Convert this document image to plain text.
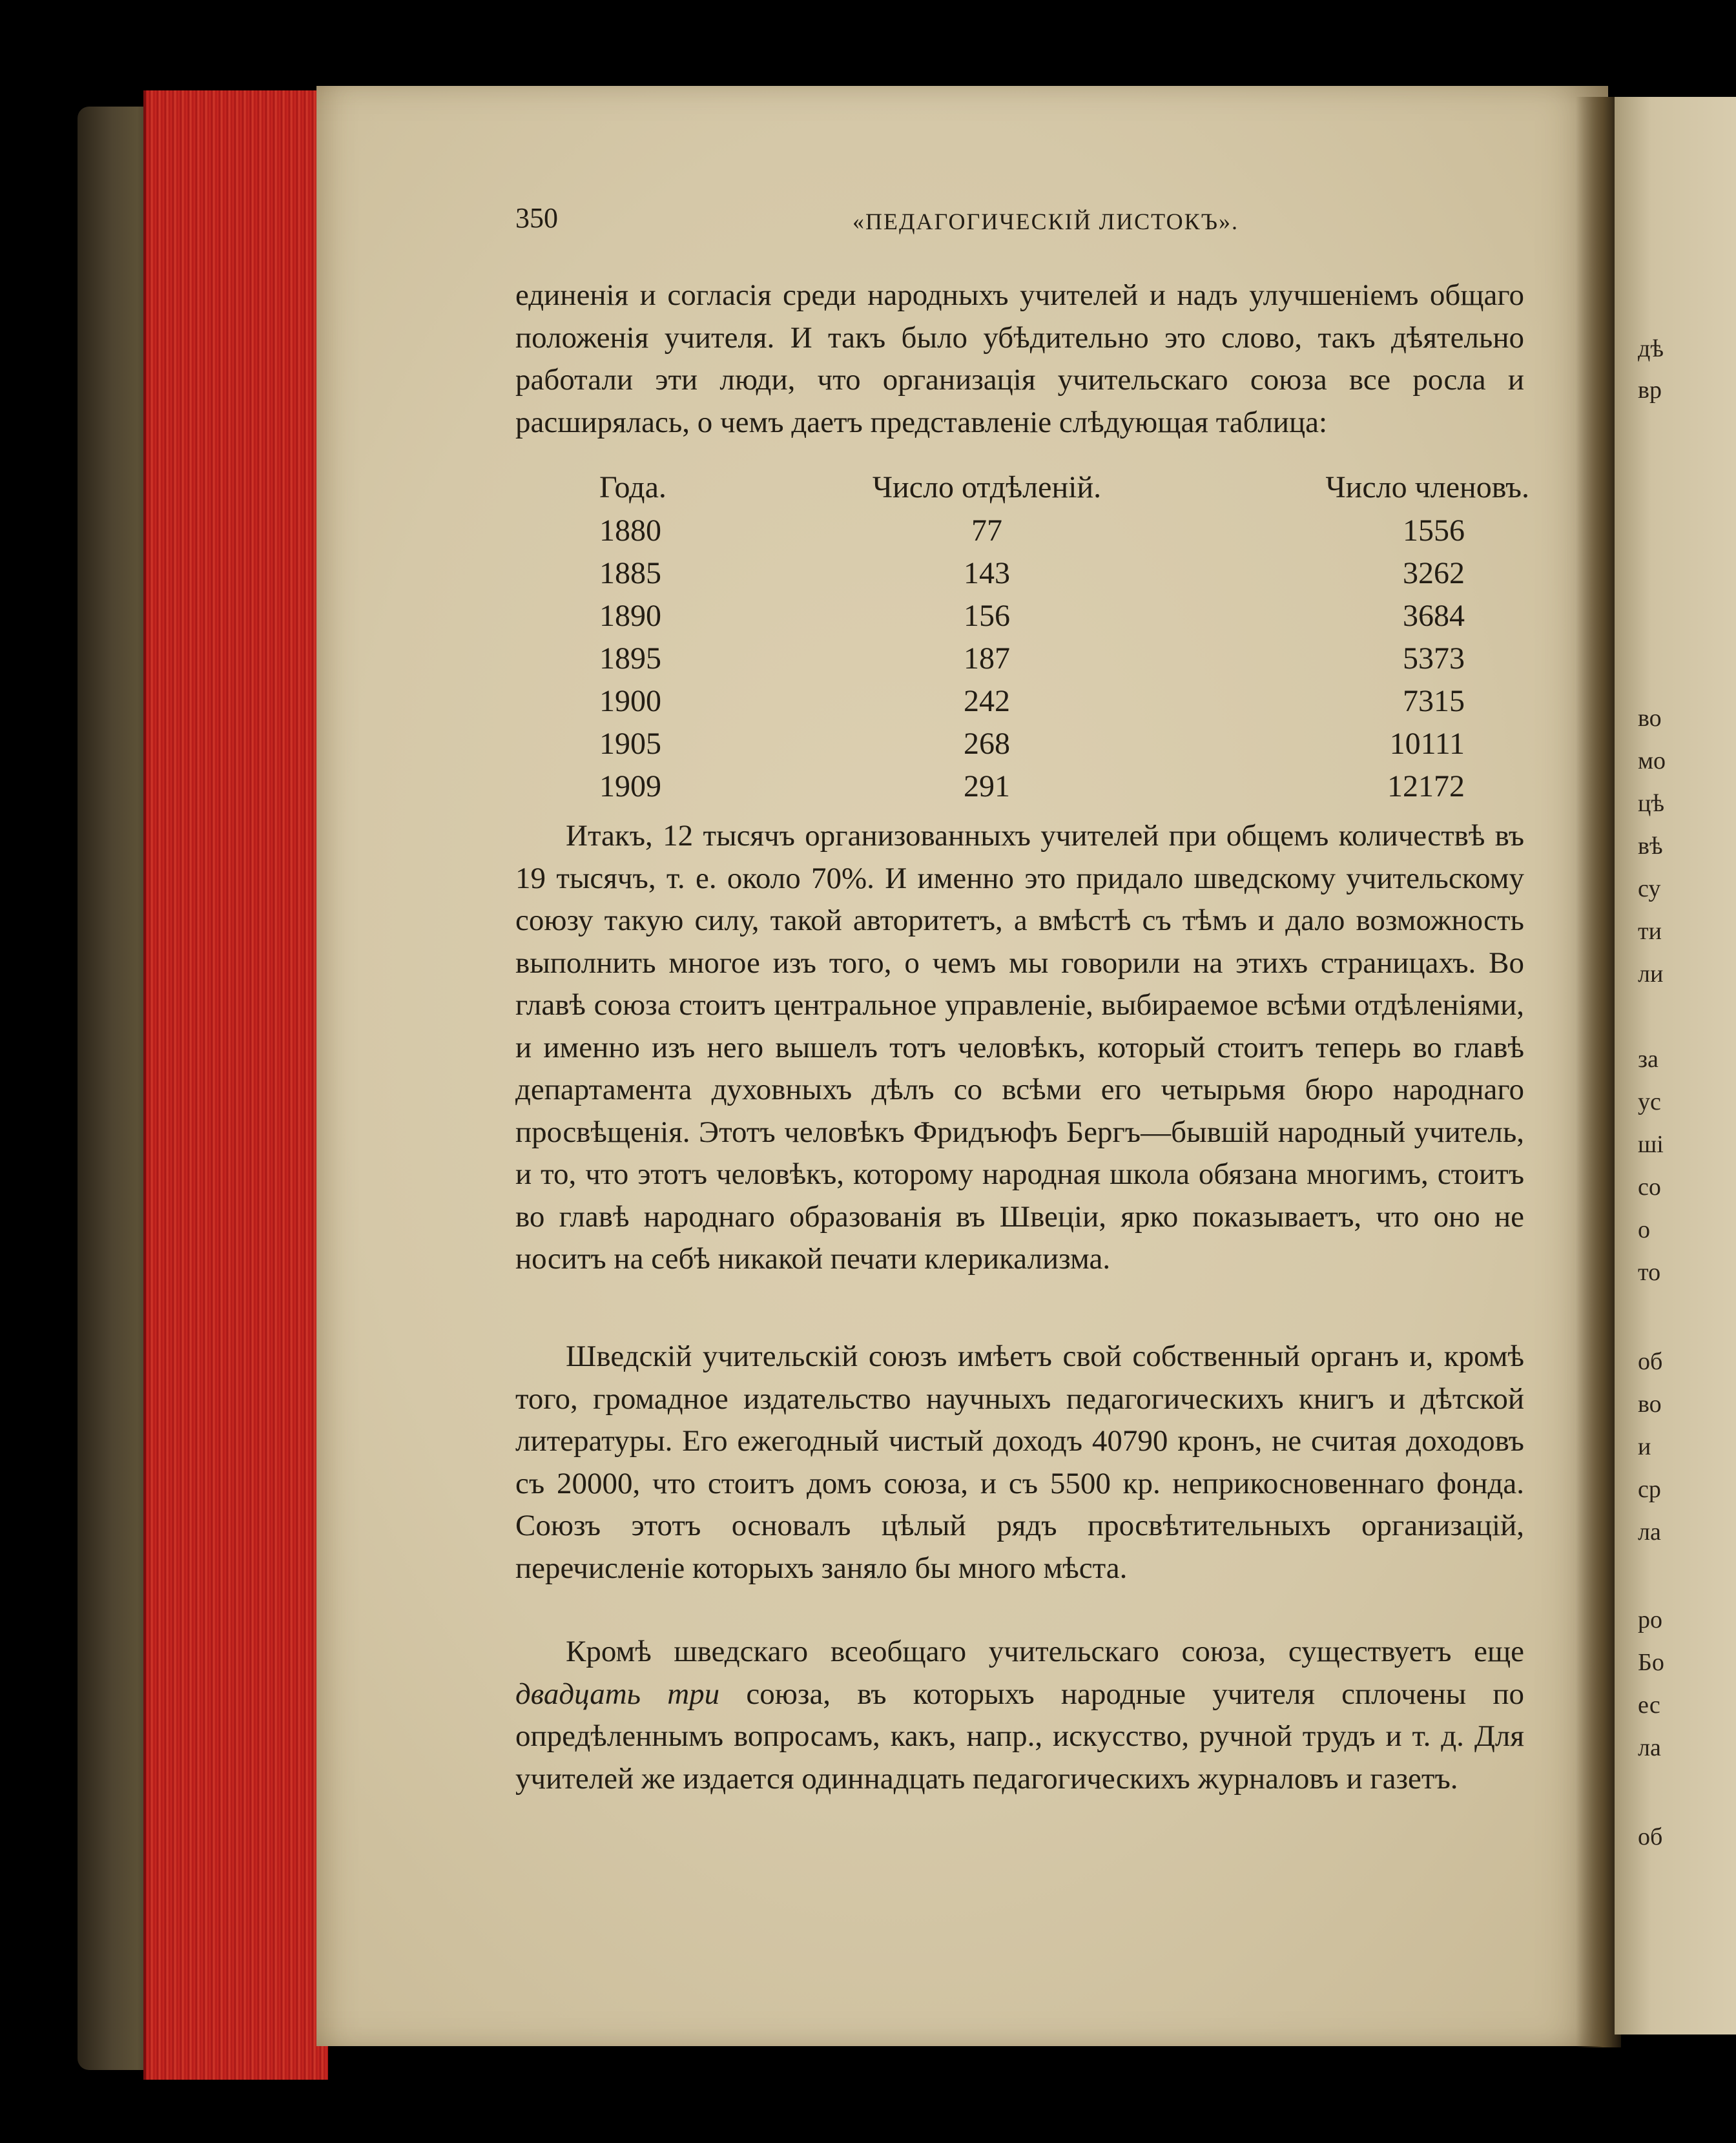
дѣ
вр
во
мо
цѣ
вѣ
су
ти
ли
за
ус
ші
со
о
то
об
во
и
ср
ла
ро
Бо
ес
ла
об
350	«ПЕДАГОГИЧЕСКІЙ ЛИСТОКЪ».

единенія и согласія среди народныхъ учителей и надъ улучшеніемъ общаго положенія учителя. И такъ было убѣдительно это слово, такъ дѣятельно работали эти люди, что организація учительскаго союза все росла и расширялась, о чемъ даетъ представленіе слѣдующая таблица:

Года.	Число отдѣленій.	Число членовъ.
1880	77	1556
1885	143	3262
1890	156	3684
1895	187	5373
1900	242	7315
1905	268	10111
1909	291	12172

Итакъ, 12 тысячъ организованныхъ учителей при общемъ количествѣ въ 19 тысячъ, т. е. около 70%. И именно это придало шведскому учительскому союзу такую силу, такой авторитетъ, а вмѣстѣ съ тѣмъ и дало возможность выполнить многое изъ того, о чемъ мы говорили на этихъ страницахъ. Во главѣ союза стоитъ центральное управленіе, выбираемое всѣми отдѣленіями, и именно изъ него вышелъ тотъ человѣкъ, который стоитъ теперь во главѣ департамента духовныхъ дѣлъ со всѣми его четырьмя бюро народнаго просвѣщенія. Этотъ человѣкъ Фридъюфъ Бергъ—бывшій народный учитель, и то, что этотъ человѣкъ, которому народная школа обязана многимъ, стоитъ во главѣ народнаго образованія въ Швеціи, ярко показываетъ, что оно не носитъ на себѣ никакой печати клерикализма.

Шведскій учительскій союзъ имѣетъ свой собственный органъ и, кромѣ того, громадное издательство научныхъ педагогическихъ книгъ и дѣтской литературы. Его ежегодный чистый доходъ 40790 кронъ, не считая доходовъ съ 20000, что стоитъ домъ союза, и съ 5500 кр. неприкосновеннаго фонда. Союзъ этотъ основалъ цѣлый рядъ просвѣтительныхъ организацій, перечисленіе которыхъ заняло бы много мѣста.

Кромѣ шведскаго всеобщаго учительскаго союза, существуетъ еще двадцать три союза, въ которыхъ народные учителя сплочены по опредѣленнымъ вопросамъ, какъ, напр., искусство, ручной трудъ и т. д. Для учителей же издается одиннадцать педагогическихъ журналовъ и газетъ.
